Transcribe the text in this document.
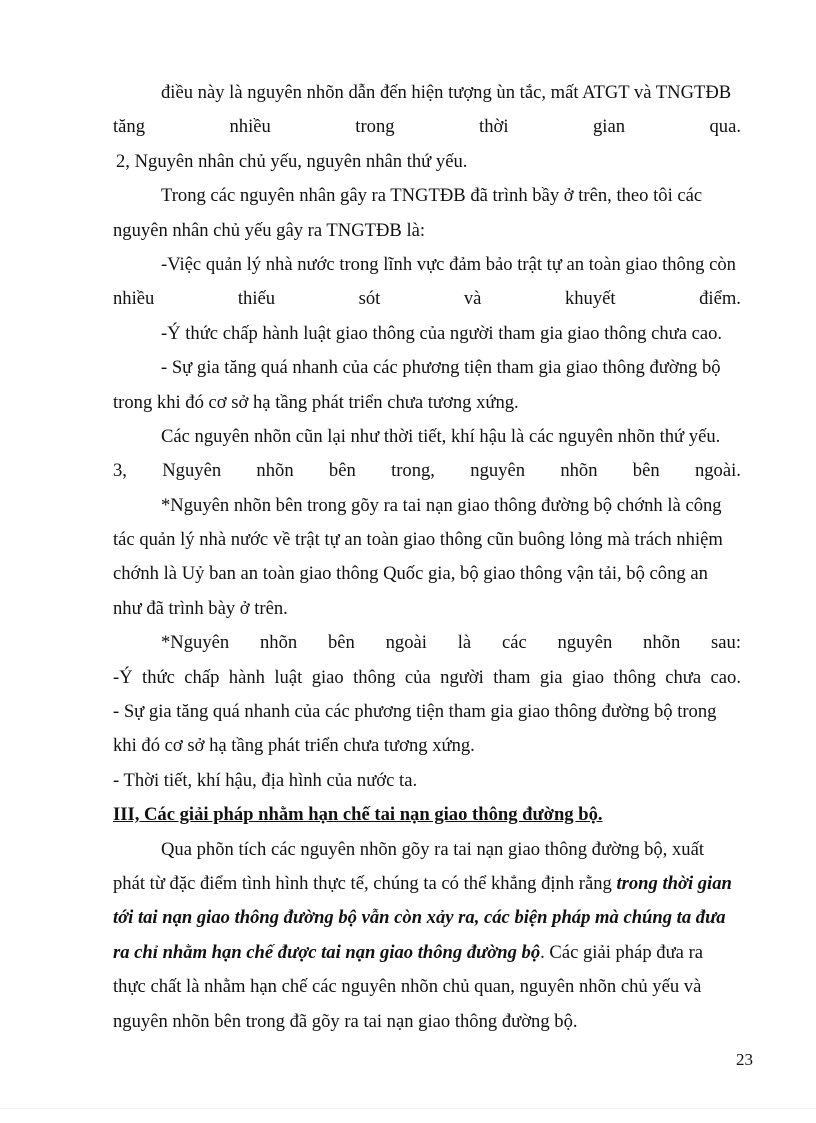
điều này là nguyên nhõn dẫn đến hiện tượng ùn tắc, mất ATGT và TNGTĐB
tăng	nhiều	trong	thời	gian	qua.
2, Nguyên nhân chủ yếu, nguyên nhân thứ yếu.
Trong các nguyên nhân gây ra TNGTĐB đã trình bầy ở trên, theo tôi các
nguyên nhân chủ yếu gây ra TNGTĐB là:
-Việc quản lý nhà nước trong lĩnh vực đảm bảo trật tự an toàn giao thông còn
nhiều	thiếu	sót	và	khuyết	điểm.
-Ý thức chấp hành luật giao thông của người tham gia giao thông chưa cao.
- Sự gia tăng quá nhanh của các phương tiện tham gia giao thông đường bộ
trong khi đó cơ sở hạ tầng phát triển chưa tương xứng.
Các nguyên nhõn cũn lại như thời tiết, khí hậu là các nguyên nhõn thứ yếu.
3, Nguyên nhõn bên trong, nguyên nhõn bên ngoài.
*Nguyên nhõn bên trong gõy ra tai nạn giao thông đường bộ chớnh là công
tác quản lý nhà nước về trật tự an toàn giao thông cũn buông lỏng mà trách nhiệm
chớnh là Uỷ ban an toàn giao thông Quốc gia, bộ giao thông vận tải, bộ công an
như đã trình bày ở trên.
*Nguyên nhõn bên ngoài là các nguyên nhõn sau:
-Ý thức chấp hành luật giao thông của người tham gia giao thông chưa cao.
- Sự gia tăng quá nhanh của các phương tiện tham gia giao thông đường bộ trong
khi đó cơ sở hạ tầng phát triển chưa tương xứng.
- Thời tiết, khí hậu, địa hình của nước ta.
III, Các giải pháp nhằm hạn chế tai nạn giao thông đường bộ.
Qua phõn tích các nguyên nhõn gõy ra tai nạn giao thông đường bộ, xuất
phát từ đặc điểm tình hình thực tế, chúng ta có thể khẳng định rằng trong thời gian
tới tai nạn giao thông đường bộ vẫn còn xảy ra, các biện pháp mà chúng ta đưa
ra chỉ nhằm hạn chế được tai nạn giao thông đường bộ. Các giải pháp đưa ra
thực chất là nhằm hạn chế các nguyên nhõn chủ quan, nguyên nhõn chủ yếu và
nguyên nhõn bên trong đã gõy ra tai nạn giao thông đường bộ.
23
